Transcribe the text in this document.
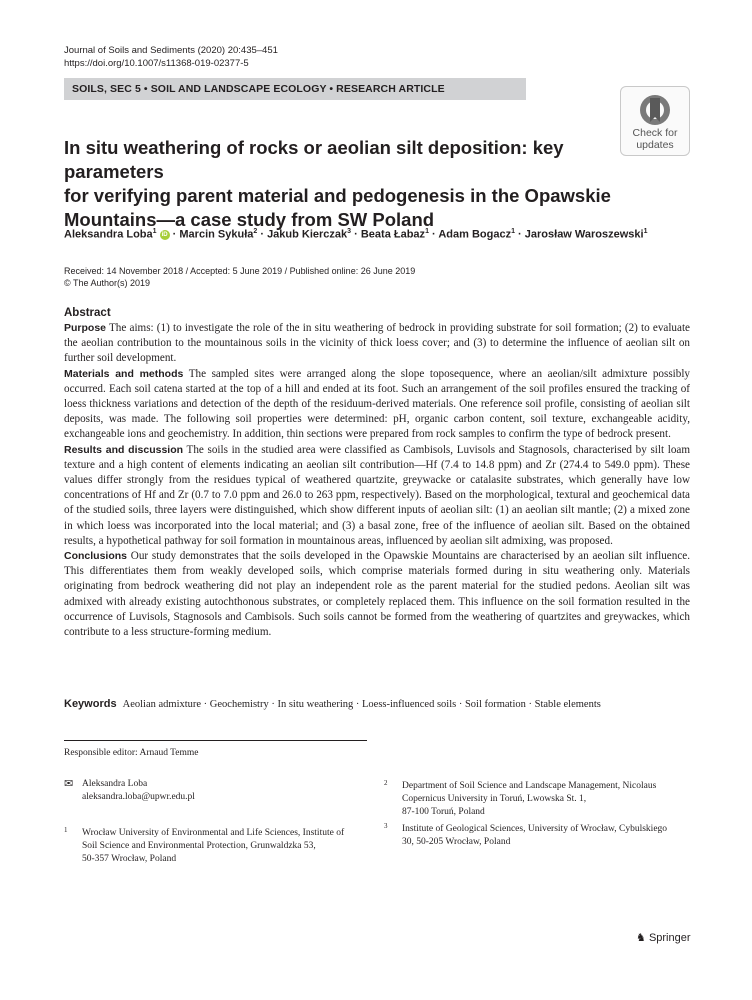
Journal of Soils and Sediments (2020) 20:435–451
https://doi.org/10.1007/s11368-019-02377-5
SOILS, SEC 5 • SOIL AND LANDSCAPE ECOLOGY • RESEARCH ARTICLE
Check for
updates
In situ weathering of rocks or aeolian silt deposition: key parameters
for verifying parent material and pedogenesis in the Opawskie
Mountains—a case study from SW Poland
Aleksandra Loba$^1$ iD · Marcin Sykuła$^2$ · Jakub Kierczak$^3$ · Beata Łabaz$^1$ · Adam Bogacz$^1$ · Jarosław Waroszewski$^1$
Received: 14 November 2018 / Accepted: 5 June 2019 / Published online: 26 June 2019
© The Author(s) 2019
Abstract

Purpose The aims: (1) to investigate the role of the in situ weathering of bedrock in providing substrate for soil formation; (2) to evaluate the aeolian contribution to the mountainous soils in the vicinity of thick loess cover; and (3) to determine the influence of aeolian silt on further soil development.

Materials and methods The sampled sites were arranged along the slope toposequence, where an aeolian/silt admixture possibly occurred. Each soil catena started at the top of a hill and ended at its foot. Such an arrangement of the soil profiles ensured the tracking of loess thickness variations and detection of the depth of the residuum-derived materials. One reference soil profile, consisting of aeolian silt deposits, was made. The following soil properties were determined: pH, organic carbon content, soil texture, exchangeable acidity, exchangeable ions and geochemistry. In addition, thin sections were prepared from rock samples to confirm the type of bedrock present.

Results and discussion The soils in the studied area were classified as Cambisols, Luvisols and Stagnosols, characterised by silt loam texture and a high content of elements indicating an aeolian silt contribution—Hf (7.4 to 14.8 ppm) and Zr (274.4 to 549.0 ppm). These values differ strongly from the residues typical of weathered quartzite, greywacke or catalasite substrates, which generally have low concentrations of Hf and Zr (0.7 to 7.0 ppm and 26.0 to 263 ppm, respectively). Based on the morphological, textural and geochemical data of the studied soils, three layers were distinguished, which show different inputs of aeolian silt: (1) an aeolian silt mantle; (2) a mixed zone in which loess was incorporated into the local material; and (3) a basal zone, free of the influence of aeolian silt. Based on the obtained results, a hypothetical pathway for soil formation in mountainous areas, influenced by aeolian silt admixing, was proposed.

Conclusions Our study demonstrates that the soils developed in the Opawskie Mountains are characterised by an aeolian silt influence. This differentiates them from weakly developed soils, which comprise materials formed during in situ weathering only. Materials originating from bedrock weathering did not play an independent role as the parent material for the studied pedons. Aeolian silt was admixed with already existing autochthonous substrates, or completely replaced them. This influence on the soil formation resulted in the occurrence of Luvisols, Stagnosols and Cambisols. Such soils cannot be formed from the weathering of quartzites and greywackes, which contribute to a less structure-forming medium.

Keywords Aeolian admixture · Geochemistry · In situ weathering · Loess-influenced soils · Soil formation · Stable elements
Responsible editor: Arnaud Temme
✉ Aleksandra Loba
aleksandra.loba@upwr.edu.pl
1 Wrocław University of Environmental and Life Sciences, Institute of
Soil Science and Environmental Protection, Grunwaldzka 53,
50-357 Wrocław, Poland
2 Department of Soil Science and Landscape Management, Nicolaus
Copernicus University in Toruń, Lwowska St. 1,
87-100 Toruń, Poland
3 Institute of Geological Sciences, University of Wrocław, Cybulskiego
30, 50-205 Wrocław, Poland
♞ Springer
